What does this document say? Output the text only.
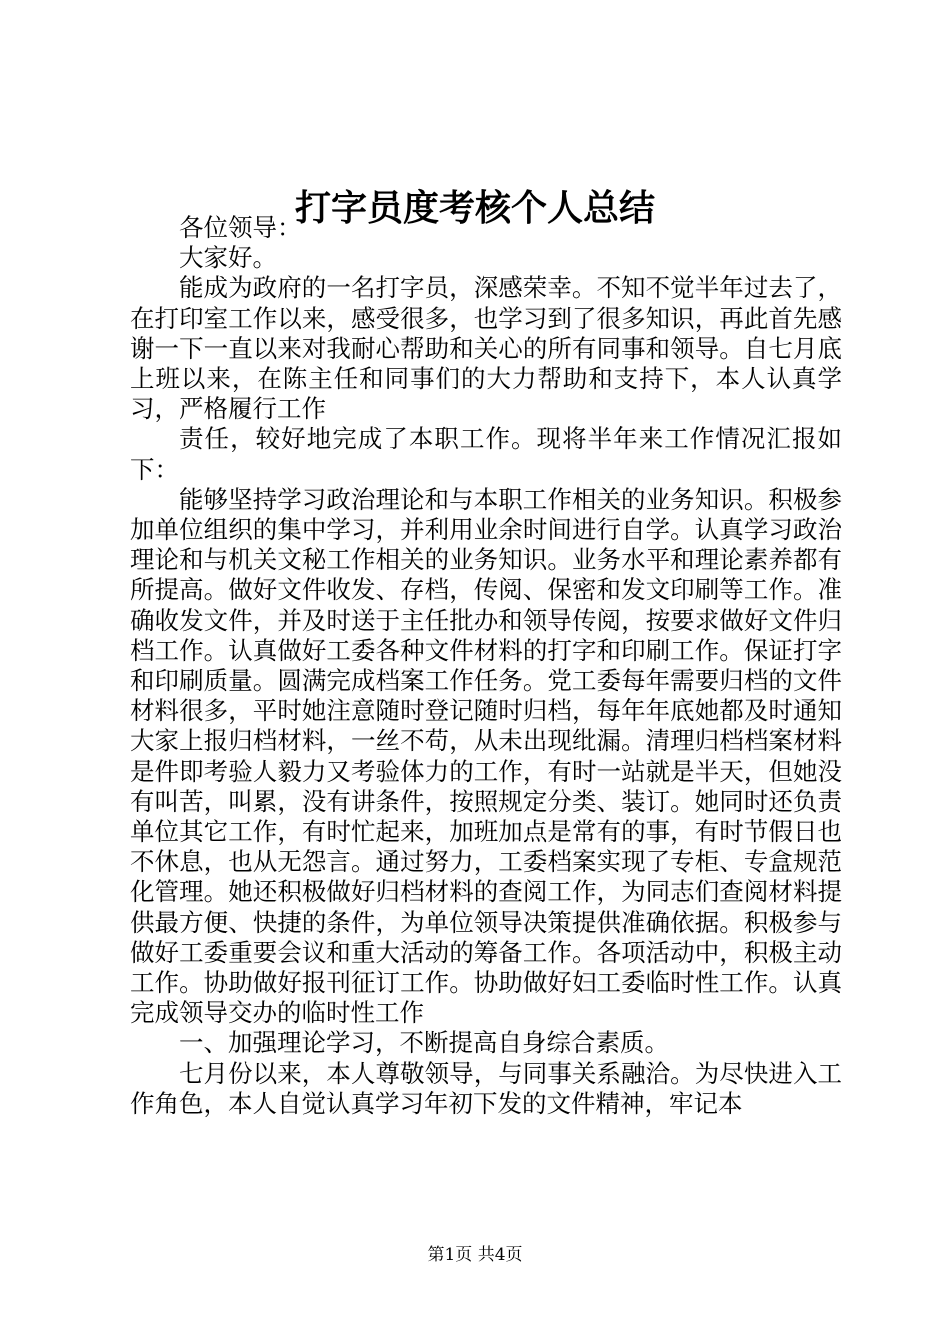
打字员度考核个人总结

各位领导：

大家好。

能成为政府的一名打字员，深感荣幸。不知不觉半年过去了，在打印室工作以来，感受很多，也学习到了很多知识，再此首先感谢一下一直以来对我耐心帮助和关心的所有同事和领导。自七月底上班以来，在陈主任和同事们的大力帮助和支持下，本人认真学习，严格履行工作

责任，较好地完成了本职工作。现将半年来工作情况汇报如下：

能够坚持学习政治理论和与本职工作相关的业务知识。积极参加单位组织的集中学习，并利用业余时间进行自学。认真学习政治理论和与机关文秘工作相关的业务知识。业务水平和理论素养都有所提高。做好文件收发、存档，传阅、保密和发文印刷等工作。准确收发文件，并及时送于主任批办和领导传阅，按要求做好文件归档工作。认真做好工委各种文件材料的打字和印刷工作。保证打字和印刷质量。圆满完成档案工作任务。党工委每年需要归档的文件材料很多，平时她注意随时登记随时归档，每年年底她都及时通知大家上报归档材料，一丝不苟，从未出现纰漏。清理归档档案材料是件即考验人毅力又考验体力的工作，有时一站就是半天，但她没有叫苦，叫累，没有讲条件，按照规定分类、装订。她同时还负责单位其它工作，有时忙起来，加班加点是常有的事，有时节假日也不休息，也从无怨言。通过努力，工委档案实现了专柜、专盒规范化管理。她还积极做好归档材料的查阅工作，为同志们查阅材料提供最方便、快捷的条件，为单位领导决策提供准确依据。积极参与做好工委重要会议和重大活动的筹备工作。各项活动中，积极主动工作。协助做好报刊征订工作。协助做好妇工委临时性工作。认真完成领导交办的临时性工作

一、加强理论学习，不断提高自身综合素质。

七月份以来，本人尊敬领导，与同事关系融洽。为尽快进入工作角色，本人自觉认真学习年初下发的文件精神，牢记本

第1页 共4页
